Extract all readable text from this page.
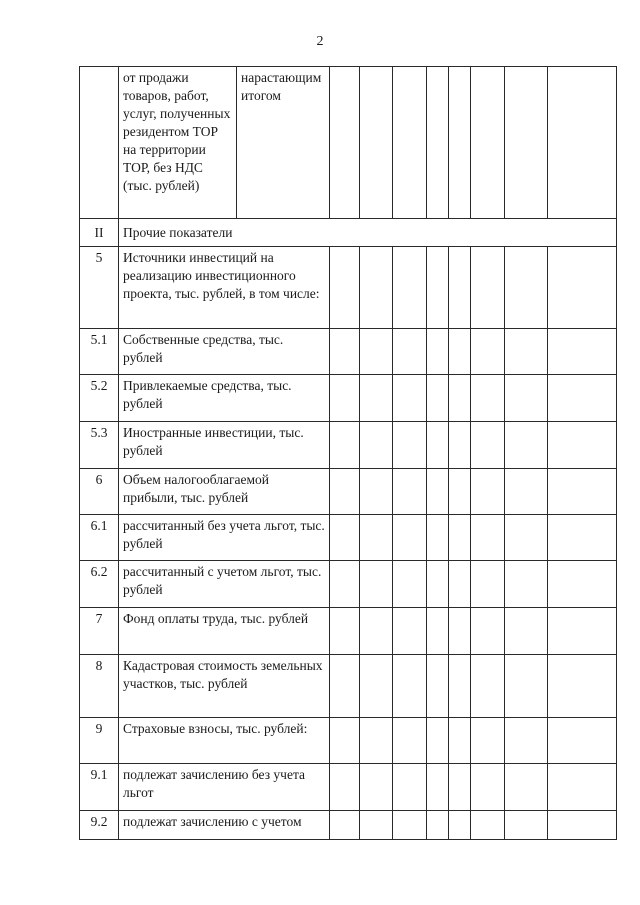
2
	от продажи товаров, работ, услуг, полученных резидентом ТОР на территории ТОР, без НДС (тыс. рублей)	нарастающим итогом								
II	Прочие показатели									
5	Источники инвестиций на реализацию инвестиционного проекта, тыс. рублей, в том числе:									
5.1	Собственные средства, тыс. рублей									
5.2	Привлекаемые средства, тыс. рублей									
5.3	Иностранные инвестиции, тыс. рублей									
6	Объем налогооблагаемой прибыли, тыс. рублей									
6.1	рассчитанный без учета льгот, тыс. рублей									
6.2	рассчитанный с учетом льгот, тыс. рублей									
7	Фонд оплаты труда, тыс. рублей									
8	Кадастровая стоимость земельных участков, тыс. рублей									
9	Страховые взносы, тыс. рублей:									
9.1	подлежат зачислению без учета льгот									
9.2	подлежат зачислению с учетом									
